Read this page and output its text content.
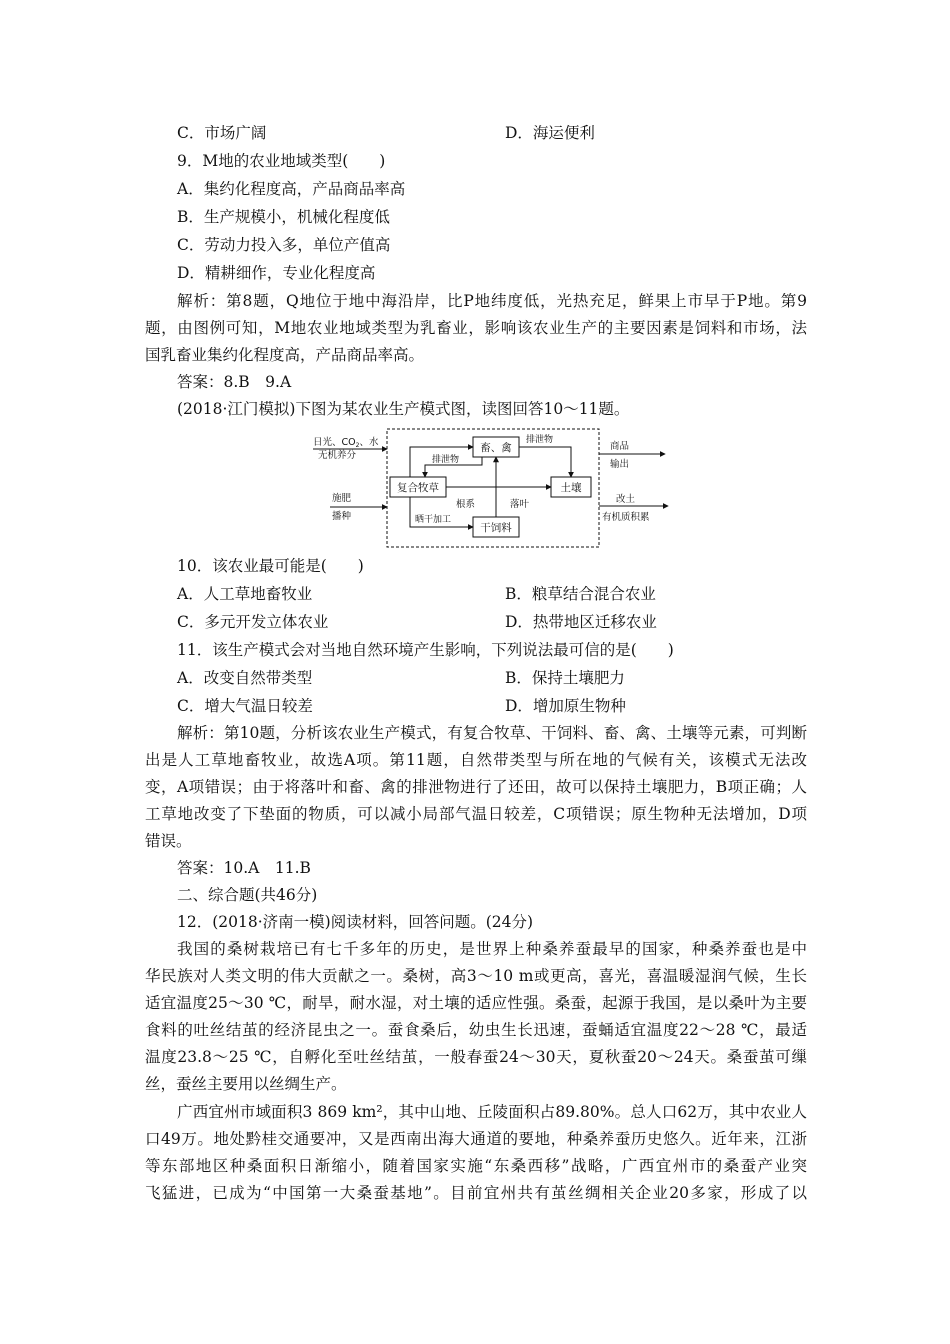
C．市场广阔	D．海运便利
9．M地的农业地域类型(　　)
A．集约化程度高，产品商品率高
B．生产规模小，机械化程度低
C．劳动力投入多，单位产值高
D．精耕细作，专业化程度高
解析：第8题，Q地位于地中海沿岸，比P地纬度低，光热充足，鲜果上市早于P地。第9
题，由图例可知，M地农业地域类型为乳畜业，影响该农业生产的主要因素是饲料和市场，法
国乳畜业集约化程度高，产品商品率高。
答案：8.B　9.A
(2018·江门模拟)下图为某农业生产模式图，读图回答10～11题。
日光、$CO_2$、水
无机养分
施肥
播种
复合牧草
畜、禽
土壤
干饲料
排泄物
排泄物
根系	落叶
晒干加工
商品
输出
改土
有机质积累
10．该农业最可能是(　　)
A．人工草地畜牧业	B．粮草结合混合农业
C．多元开发立体农业	D．热带地区迁移农业
11．该生产模式会对当地自然环境产生影响，下列说法最可信的是(　　)
A．改变自然带类型	B．保持土壤肥力
C．增大气温日较差	D．增加原生物种
解析：第10题，分析该农业生产模式，有复合牧草、干饲料、畜、禽、土壤等元素，可判断
出是人工草地畜牧业，故选A项。第11题，自然带类型与所在地的气候有关，该模式无法改
变，A项错误；由于将落叶和畜、禽的排泄物进行了还田，故可以保持土壤肥力，B项正确；人
工草地改变了下垫面的物质，可以减小局部气温日较差，C项错误；原生物种无法增加，D项
错误。
答案：10.A　11.B
二、综合题(共46分)
12．(2018·济南一模)阅读材料，回答问题。(24分)
我国的桑树栽培已有七千多年的历史，是世界上种桑养蚕最早的国家，种桑养蚕也是中
华民族对人类文明的伟大贡献之一。桑树，高3～10 m或更高，喜光，喜温暖湿润气候，生长
适宜温度25～30 ℃，耐旱，耐水湿，对土壤的适应性强。桑蚕，起源于我国，是以桑叶为主要
食料的吐丝结茧的经济昆虫之一。蚕食桑后，幼虫生长迅速，蚕蛹适宜温度22～28 ℃，最适
温度23.8～25 ℃，自孵化至吐丝结茧，一般春蚕24～30天，夏秋蚕20～24天。桑蚕茧可缫
丝，蚕丝主要用以丝绸生产。
广西宜州市域面积3 869 km²，其中山地、丘陵面积占89.80%。总人口62万，其中农业人
口49万。地处黔桂交通要冲，又是西南出海大通道的要地，种桑养蚕历史悠久。近年来，江浙
等东部地区种桑面积日渐缩小，随着国家实施“东桑西移”战略，广西宜州市的桑蚕产业突
飞猛进，已成为“中国第一大桑蚕基地”。目前宜州共有茧丝绸相关企业20多家，形成了以
